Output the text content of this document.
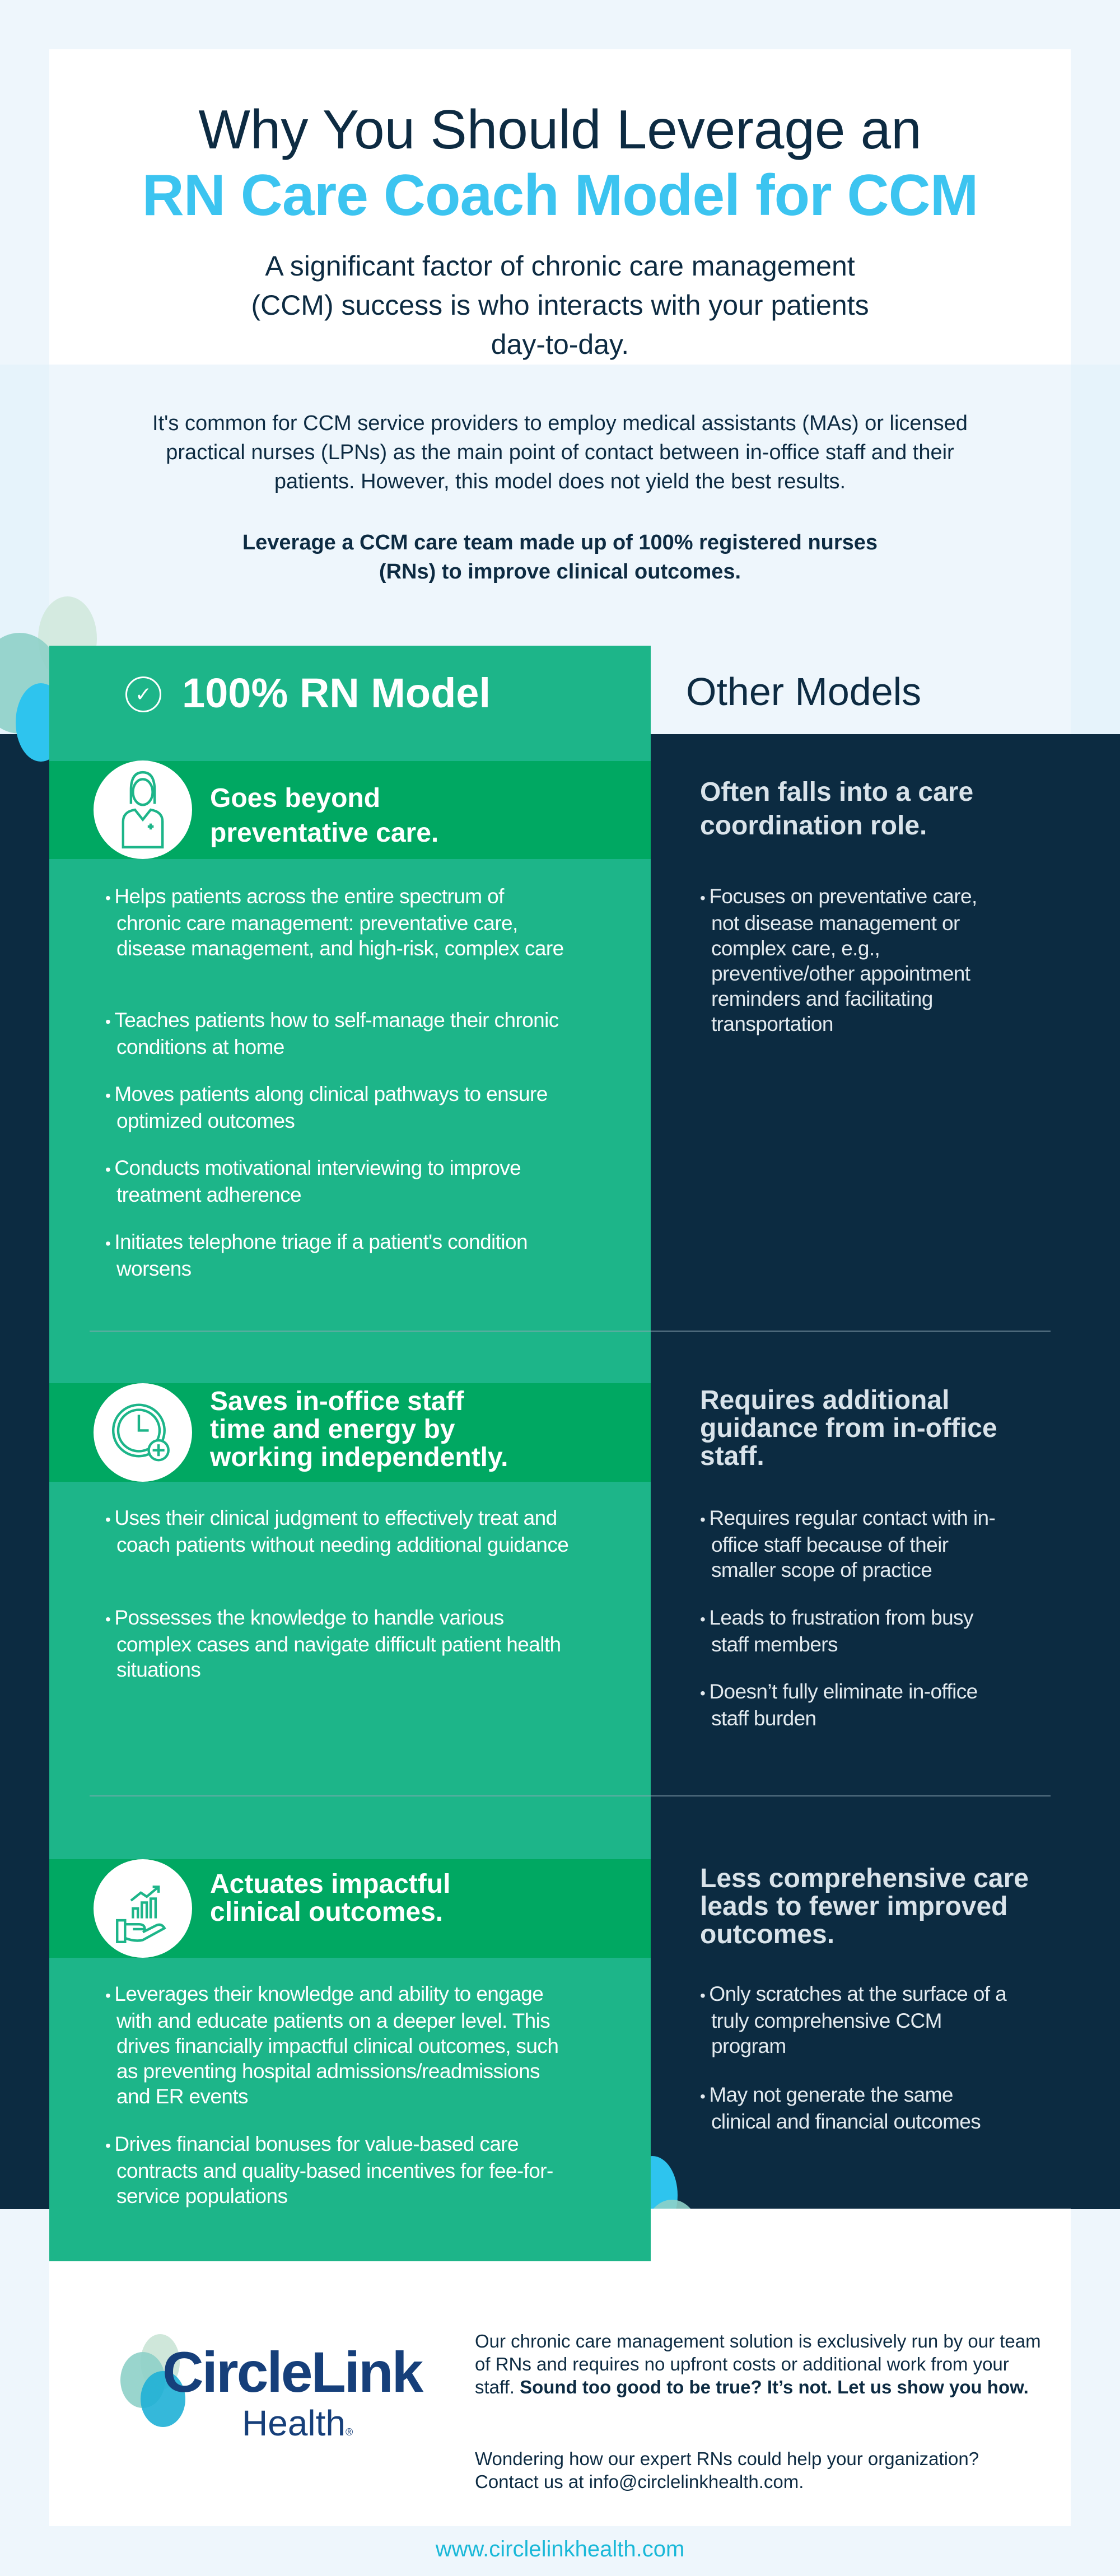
Why You Should Leverage an
RN Care Coach Model for CCM
A significant factor of chronic care management (CCM) success is who interacts with your patients day-to-day.
It's common for CCM service providers to employ medical assistants (MAs) or licensed practical nurses (LPNs) as the main point of contact between in-office staff and their patients. However, this model does not yield the best results.
Leverage a CCM care team made up of 100% registered nurses (RNs) to improve clinical outcomes.
✓ 100% RN Model	Other Models
Goes beyond preventative care.
Often falls into a care coordination role.
• Helps patients across the entire spectrum of chronic care management: preventative care, disease management, and high-risk, complex care
• Teaches patients how to self-manage their chronic conditions at home
• Moves patients along clinical pathways to ensure optimized outcomes
• Conducts motivational interviewing to improve treatment adherence
• Initiates telephone triage if a patient's condition worsens
• Focuses on preventative care, not disease management or complex care, e.g., preventive/other appointment reminders and facilitating transportation
Saves in-office staff time and energy by working independently.
Requires additional guidance from in-office staff.
• Uses their clinical judgment to effectively treat and coach patients without needing additional guidance
• Possesses the knowledge to handle various complex cases and navigate difficult patient health situations
• Requires regular contact with in-office staff because of their smaller scope of practice
• Leads to frustration from busy staff members
• Doesn’t fully eliminate in-office staff burden
Actuates impactful clinical outcomes.
Less comprehensive care leads to fewer improved outcomes.
• Leverages their knowledge and ability to engage with and educate patients on a deeper level. This drives financially impactful clinical outcomes, such as preventing hospital admissions/readmissions and ER events
• Drives financial bonuses for value-based care contracts and quality-based incentives for fee-for-service populations
• Only scratches at the surface of a truly comprehensive CCM program
• May not generate the same clinical and financial outcomes
CircleLink
Health®
Our chronic care management solution is exclusively run by our team of RNs and requires no upfront costs or additional work from your staff. Sound too good to be true? It’s not. Let us show you how.
Wondering how our expert RNs could help your organization? Contact us at info@circlelinkhealth.com.
www.circlelinkhealth.com
